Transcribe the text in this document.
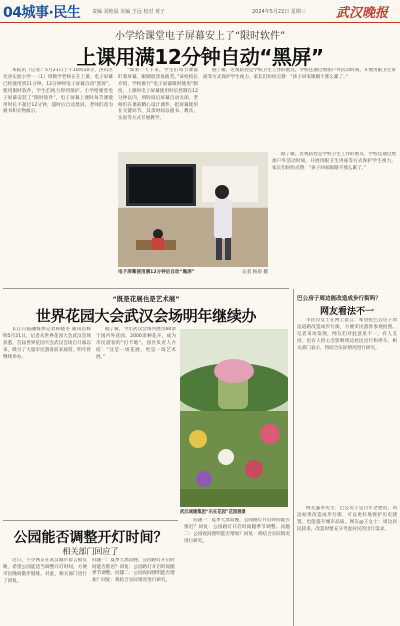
04城事·民生 责编 刘艳晨 美编 王远 校对 黄子	2024年5月22日 星期三 武汉晚报
小学给课堂电子屏幕安上了“限时软件”
上课用满12分钟自动“黑屏”

本报讯（记者）5月21日上午10时20分，洪山区光谷实验小学一（1）班数学老师正在上课，电子屏幕已经使用到11分钟，12分钟时电子屏幕自动“黑屏”。使用限时软件，学生们视力得到保护。小学给课堂电子屏幕安装了“限时软件”，电子屏幕上课时每节课使用时长不超过12分钟，超时后自动黑屏，老师们改为板书和实物演示。

“如果一天下来，学生们每节课都盯着屏幕，眼睛很容易疲劳。”该校校长介绍，学校推行“电子屏幕限时使用”制度，上课时电子屏幕使用时长控制在12分钟以内，到时间后屏幕自动关闭。老师们在课前精心设计课件，把屏幕使用在关键环节，其余时间以板书、教具、实验等方式开展教学。

据了解，近视防控是学校卫生工作的重点，学校还通过增加户外活动时间、开展用眼卫生讲座等方式保护学生视力。家长们纷纷点赞：“孩子回家眼睛不那么累了。”

电子屏幕使用满12分钟后自动“黑屏”	记者 杨眉 摄

据了解，近视防控是学校卫生工作的重点，学校还通过增加户外活动时间、开展用眼卫生讲座等方式保护学生视力。家长们纷纷点赞：“孩子回家眼睛不那么累了。”

“既是花展也是艺术展”
世界花园大会武汉会场明年继续办

长江日报融媒体记者韩晓冬 通讯员杨明5月21日，记者从世界花园大会武汉会场获悉，首届世界花园大会武汉会场自开幕以来，吸引了大量市民游客前来观赏，明年将继续举办。

据了解，今年武汉会场共展出60余个国内外花园、2000余种花卉，成为市民游客的“打卡地”。园区负责人介绍：“这是一场花展，更是一场艺术展。”

武汉城建集团“乐在花园”花园展景
巴公房子周边能改造成步行街吗？
网友看法不一

市民肖女士在网上留言：希望把巴公房子周边道路改造成步行街，方便市民游客参观拍照。记者采访发现，网友们对此意见不一，有人支持，也有人担心会影响周边居民出行和停车。相关部门表示，将结合实际情况进行研究。

网友@李先生：巴公房子是百年老建筑，周边如果改造成步行街，可以更好地保护历史建筑，也能提升城市品质。网友@王女士：周边居民较多，改造时要充分考虑居民的出行需求。

公园能否调整开灯时间？
相关部门回应了

近日，不少网友在武汉城市留言板反映，希望公园能适当调整开灯时间，方便市民晚间散步锻炼。对此，相关部门进行了回复。

问题一：夏季天黑较晚，公园路灯开启时间能否推迟？回复：公园路灯开启时间随季节调整。问题二：公园夜间照明能否增加？回复：将结合实际情况进行研究。

问题一：夏季天黑较晚，公园路灯开启时间能否推迟？回复：公园路灯开启时间随季节调整。问题二：公园夜间照明能否增加？回复：将结合实际情况进行研究。
